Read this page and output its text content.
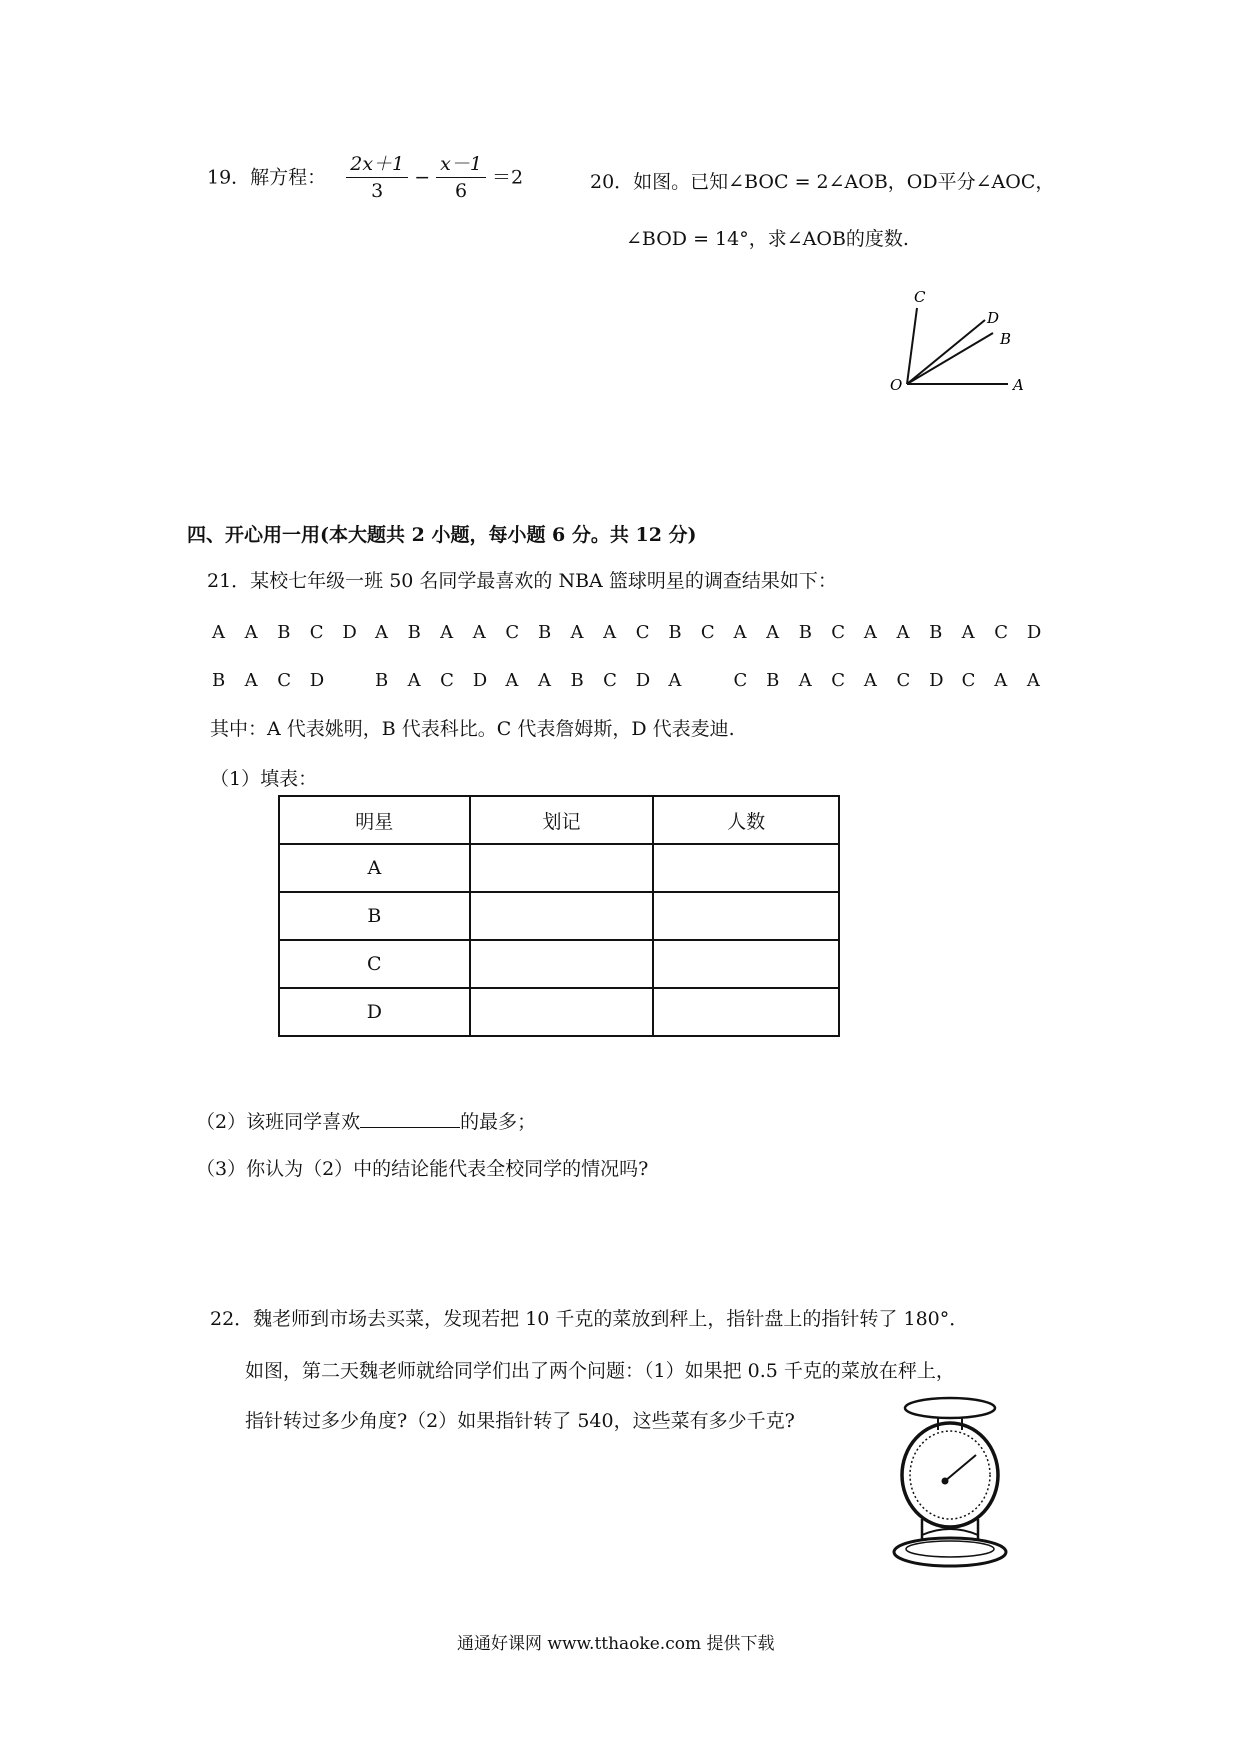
19．解方程： $\frac{2x+1}{3} - \frac{x-1}{6} =2$	20．如图。已知∠BOC = 2∠AOB，OD平分∠AOC，
∠BOD = 14°，求∠AOB的度数.
C
D
B
O	A
四、开心用一用(本大题共 2 小题，每小题 6 分。共 12 分)
21．某校七年级一班 50 名同学最喜欢的 NBA 篮球明星的调查结果如下：
A A B C D A B A A C B A A C B C A A B C A A B A C D
B A C D	B A C D A A B C D A	C B A C A C D C A A
其中：A 代表姚明，B 代表科比。C 代表詹姆斯，D 代表麦迪.
（1）填表：
明星	划记	人数
A		
B		
C		
D		
（2）该班同学喜欢	的最多；
（3）你认为（2）中的结论能代表全校同学的情况吗?
22．魏老师到市场去买菜，发现若把 10 千克的菜放到秤上，指针盘上的指针转了 180°．
如图，第二天魏老师就给同学们出了两个问题：（1）如果把 0.5 千克的菜放在秤上，
指针转过多少角度?（2）如果指针转了 540，这些菜有多少千克?
通通好课网 www.tthaoke.com 提供下载
